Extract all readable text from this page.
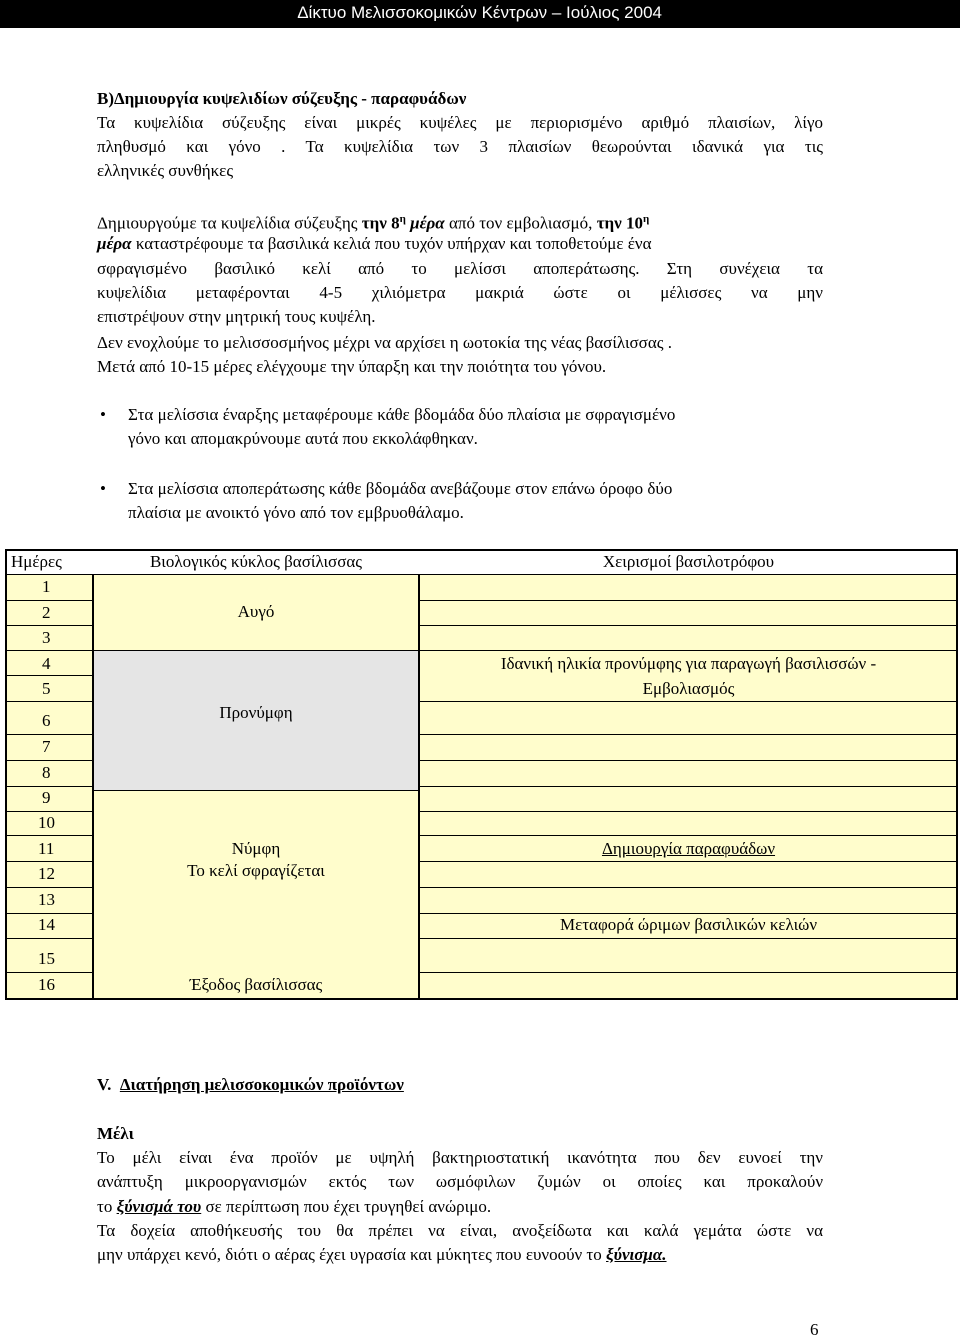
Δίκτυο Μελισσοκομικών Κέντρων – Ιούλιος 2004
Β)Δημιουργία κυψελιδίων σύζευξης - παραφυάδων
Τα κυψελίδια σύζευξης είναι μικρές κυψέλες με περιορισμένο αριθμό πλαισίων, λίγο
πληθυσμό και γόνο . Τα κυψελίδια των 3 πλαισίων θεωρούνται ιδανικά για τις
ελληνικές συνθήκες
Δημιουργούμε τα κυψελίδια σύζευξης την $8^\eta$ μέρα από τον εμβολιασμό, την $10^\eta$
μέρα καταστρέφουμε τα βασιλικά κελιά που τυχόν υπήρχαν και τοποθετούμε ένα
σφραγισμένο βασιλικό κελί από το μελίσσι αποπεράτωσης. Στη συνέχεια τα
κυψελίδια μεταφέρονται 4-5 χιλιόμετρα μακριά ώστε οι μέλισσες να μην
επιστρέψουν στην μητρική τους κυψέλη.
Δεν ενοχλούμε το μελισσοσμήνος μέχρι να αρχίσει η ωοτοκία της νέας βασίλισσας .
Μετά από 10-15 μέρες ελέγχουμε την ύπαρξη και την ποιότητα του γόνου.
• Στα μελίσσια έναρξης μεταφέρουμε κάθε βδομάδα δύο πλαίσια με σφραγισμένο
γόνο και απομακρύνουμε αυτά που εκκολάφθηκαν.
• Στα μελίσσια αποπεράτωσης κάθε βδομάδα ανεβάζουμε στον επάνω όροφο δύο
πλαίσια με ανοικτό γόνο από τον εμβρυοθάλαμο.
Ημέρες	Βιολογικός κύκλος βασίλισσας	Χειρισμοί βασιλοτρόφου
1
2
3
4
5
6
7
8
9
10
11
12
13
14
15
16
Αυγό
Προνύμφη
Νύμφη
Το κελί σφραγίζεται
Έξοδος βασίλισσας
Ιδανική ηλικία προνύμφης για παραγωγή βασιλισσών -
Εμβολιασμός
Δημιουργία παραφυάδων
Μεταφορά ώριμων βασιλικών κελιών
V. Διατήρηση μελισσοκομικών προϊόντων
Μέλι
Το μέλι είναι ένα προϊόν με υψηλή βακτηριοστατική ικανότητα που δεν ευνοεί την
ανάπτυξη μικροοργανισμών εκτός των ωσμόφιλων ζυμών οι οποίες και προκαλούν
το ξύνισμά του σε περίπτωση που έχει τρυγηθεί ανώριμο.
Τα δοχεία αποθήκευσής του θα πρέπει να είναι, ανοξείδωτα και καλά γεμάτα ώστε να
μην υπάρχει κενό, διότι ο αέρας έχει υγρασία και μύκητες που ευνοούν το ξύνισμα.
6
